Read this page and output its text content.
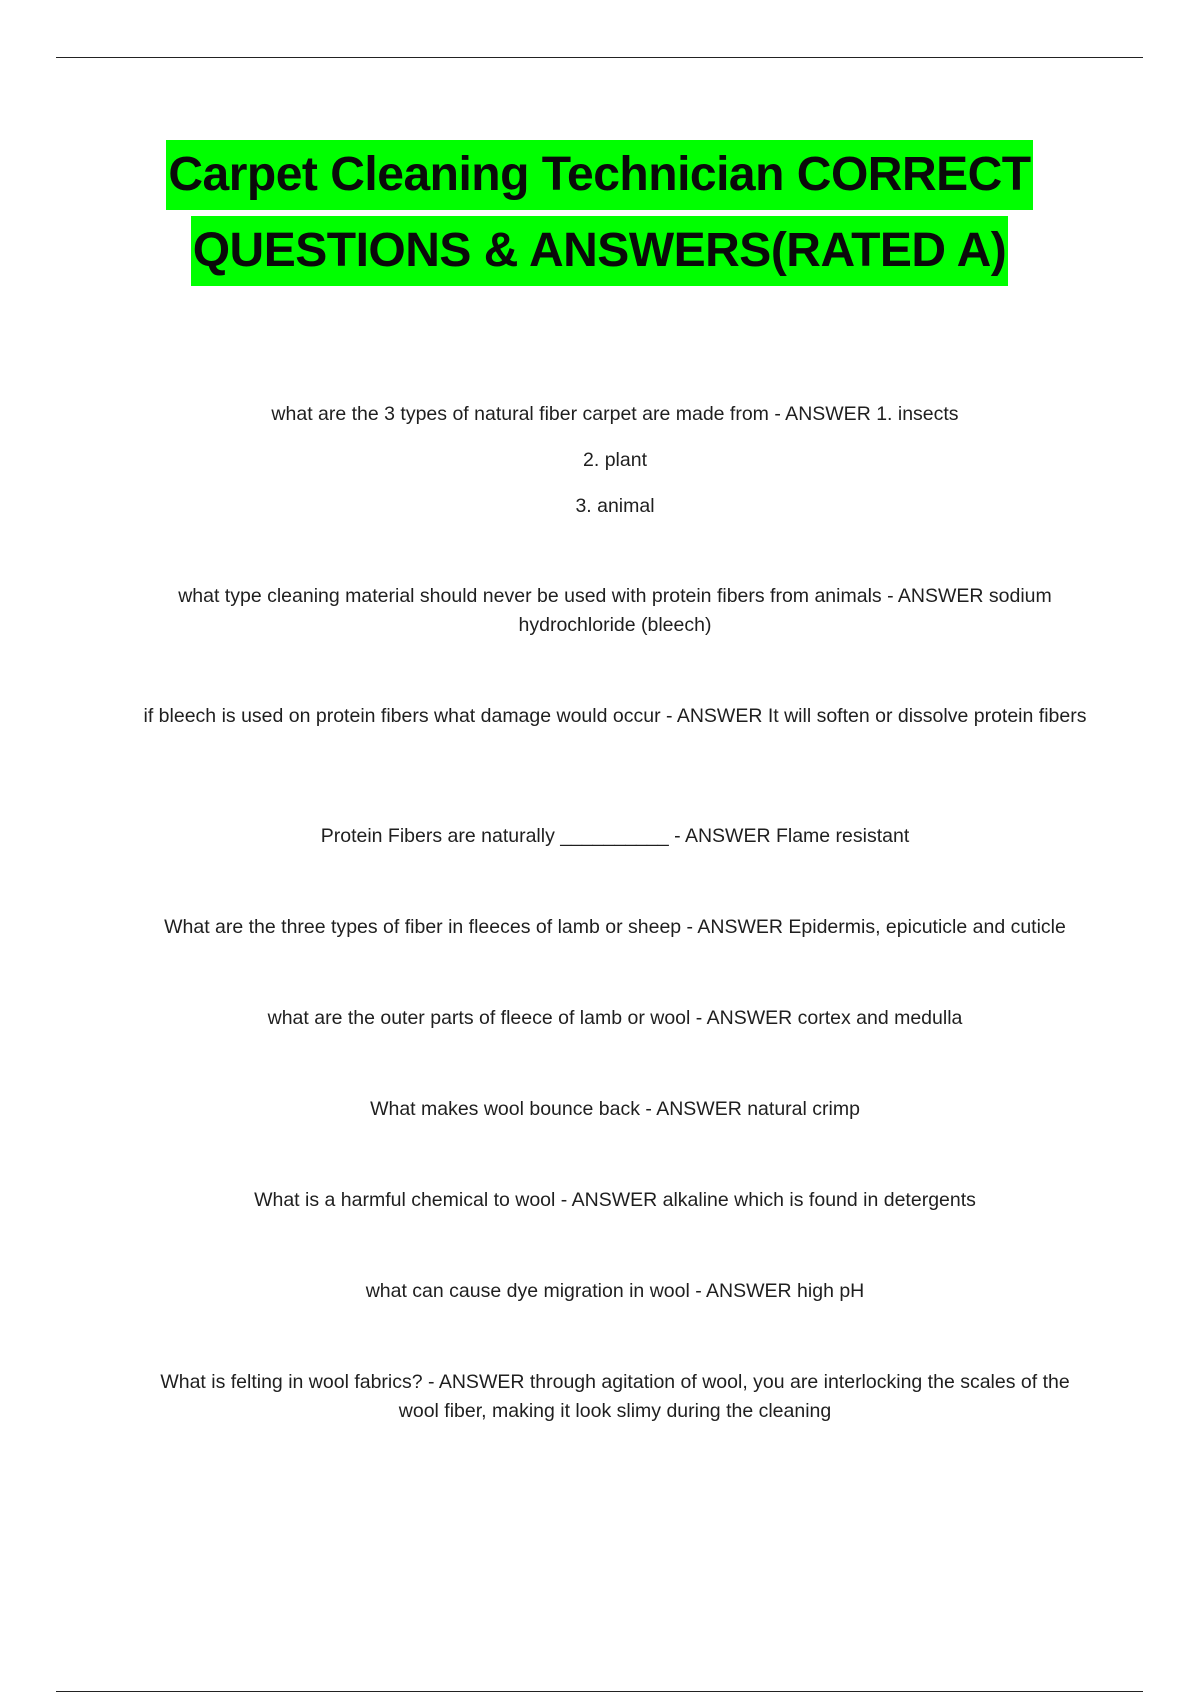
Carpet Cleaning Technician CORRECT
QUESTIONS & ANSWERS(RATED A)

what are the 3 types of natural fiber carpet are made from - ANSWER 1. insects

2. plant

3. animal

what type cleaning material should never be used with protein fibers from animals - ANSWER sodium hydrochloride (bleech)

if bleech is used on protein fibers what damage would occur - ANSWER It will soften or dissolve protein fibers

Protein Fibers are naturally __________ - ANSWER Flame resistant

What are the three types of fiber in fleeces of lamb or sheep - ANSWER Epidermis, epicuticle and cuticle

what are the outer parts of fleece of lamb or wool - ANSWER cortex and medulla

What makes wool bounce back - ANSWER natural crimp

What is a harmful chemical to wool - ANSWER alkaline which is found in detergents

what can cause dye migration in wool - ANSWER high pH

What is felting in wool fabrics? - ANSWER through agitation of wool, you are interlocking the scales of the wool fiber, making it look slimy during the cleaning
